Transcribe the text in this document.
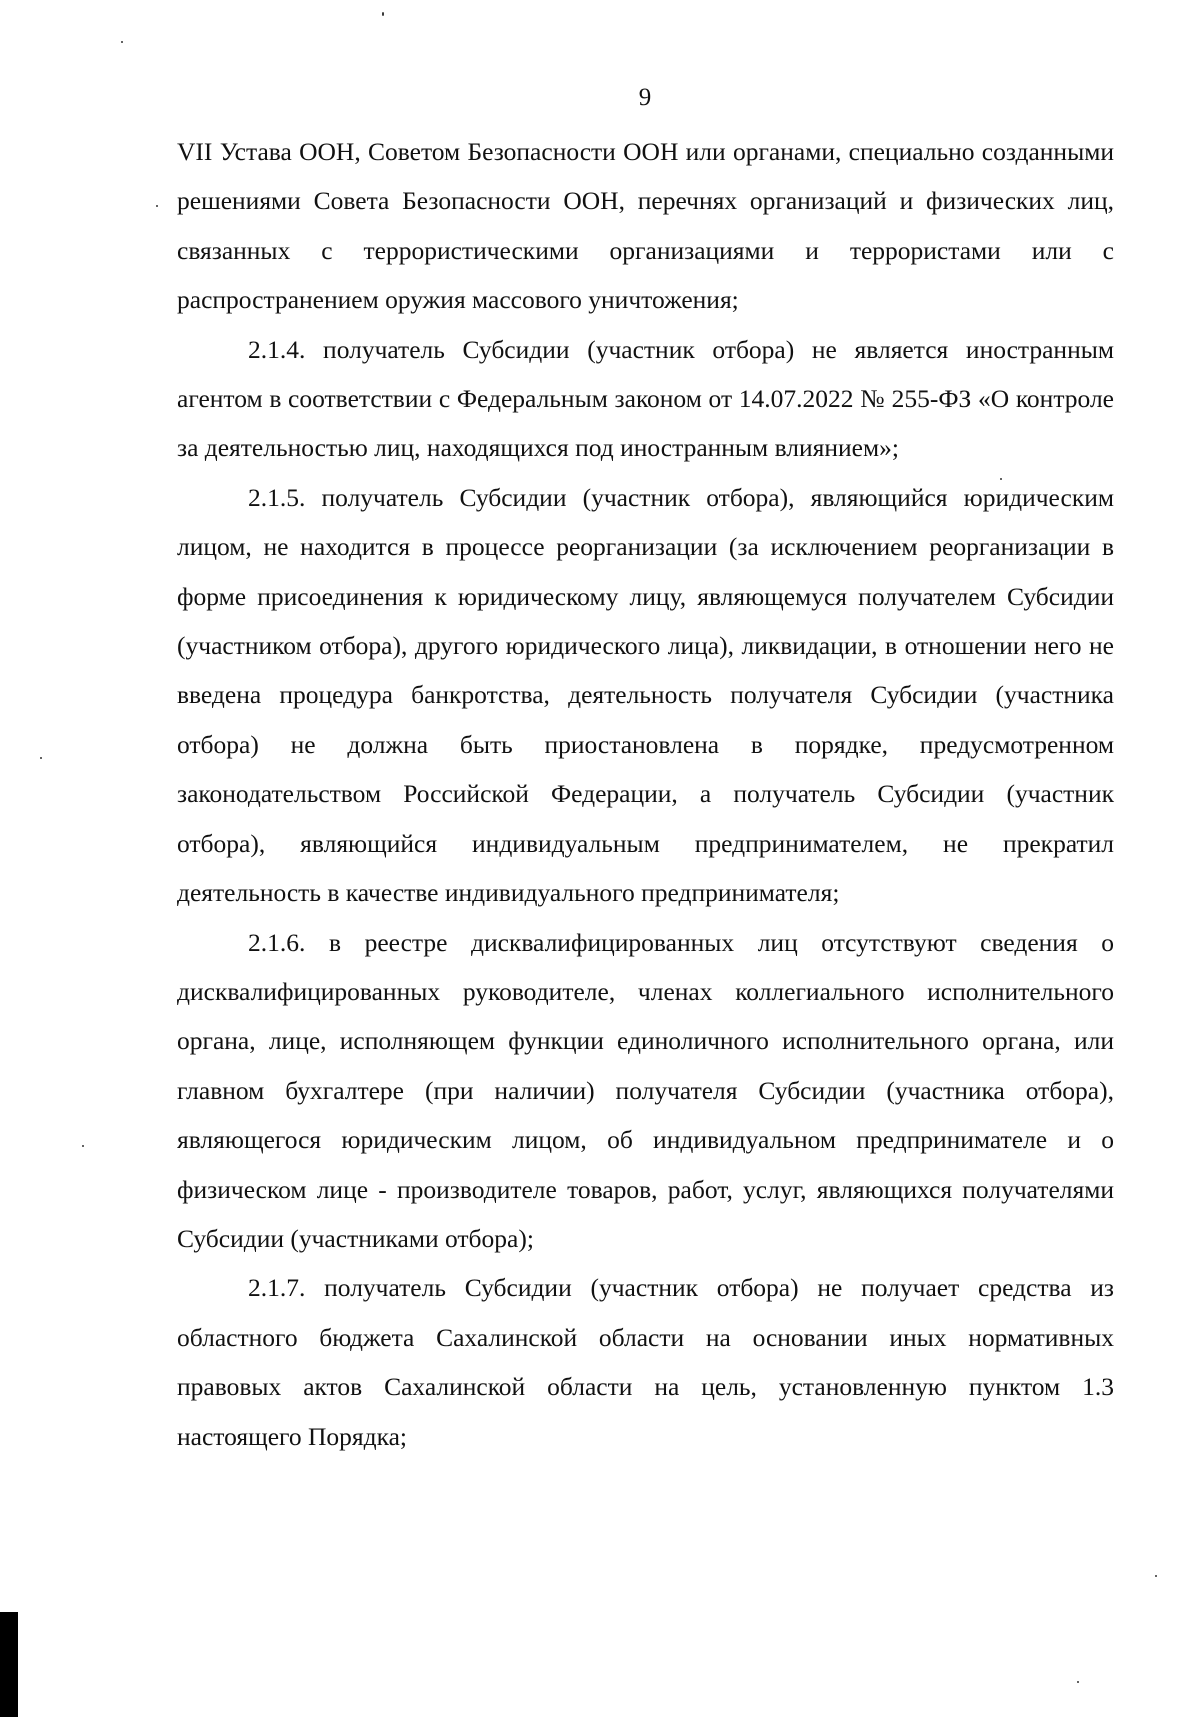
9

VII Устава ООН, Советом Безопасности ООН или органами, специально созданными решениями Совета Безопасности ООН, перечнях организаций и физических лиц, связанных с террористическими организациями и террористами или с распространением оружия массового уничтожения;

2.1.4. получатель Субсидии (участник отбора) не является иностранным агентом в соответствии с Федеральным законом от 14.07.2022 № 255-ФЗ «О контроле за деятельностью лиц, находящихся под иностранным влиянием»;

2.1.5. получатель Субсидии (участник отбора), являющийся юридическим лицом, не находится в процессе реорганизации (за исключением реорганизации в форме присоединения к юридическому лицу, являющемуся получателем Субсидии (участником отбора), другого юридического лица), ликвидации, в отношении него не введена процедура банкротства, деятельность получателя Субсидии (участника отбора) не должна быть приостановлена в порядке, предусмотренном законодательством Российской Федерации, а получатель Субсидии (участник отбора), являющийся индивидуальным предпринимателем, не прекратил деятельность в качестве индивидуального предпринимателя;

2.1.6. в реестре дисквалифицированных лиц отсутствуют сведения о дисквалифицированных руководителе, членах коллегиального исполнительного органа, лице, исполняющем функции единоличного исполнительного органа, или главном бухгалтере (при наличии) получателя Субсидии (участника отбора), являющегося юридическим лицом, об индивидуальном предпринимателе и о физическом лице - производителе товаров, работ, услуг, являющихся получателями Субсидии (участниками отбора);

2.1.7. получатель Субсидии (участник отбора) не получает средства из областного бюджета Сахалинской области на основании иных нормативных правовых актов Сахалинской области на цель, установленную пунктом 1.3 настоящего Порядка;
